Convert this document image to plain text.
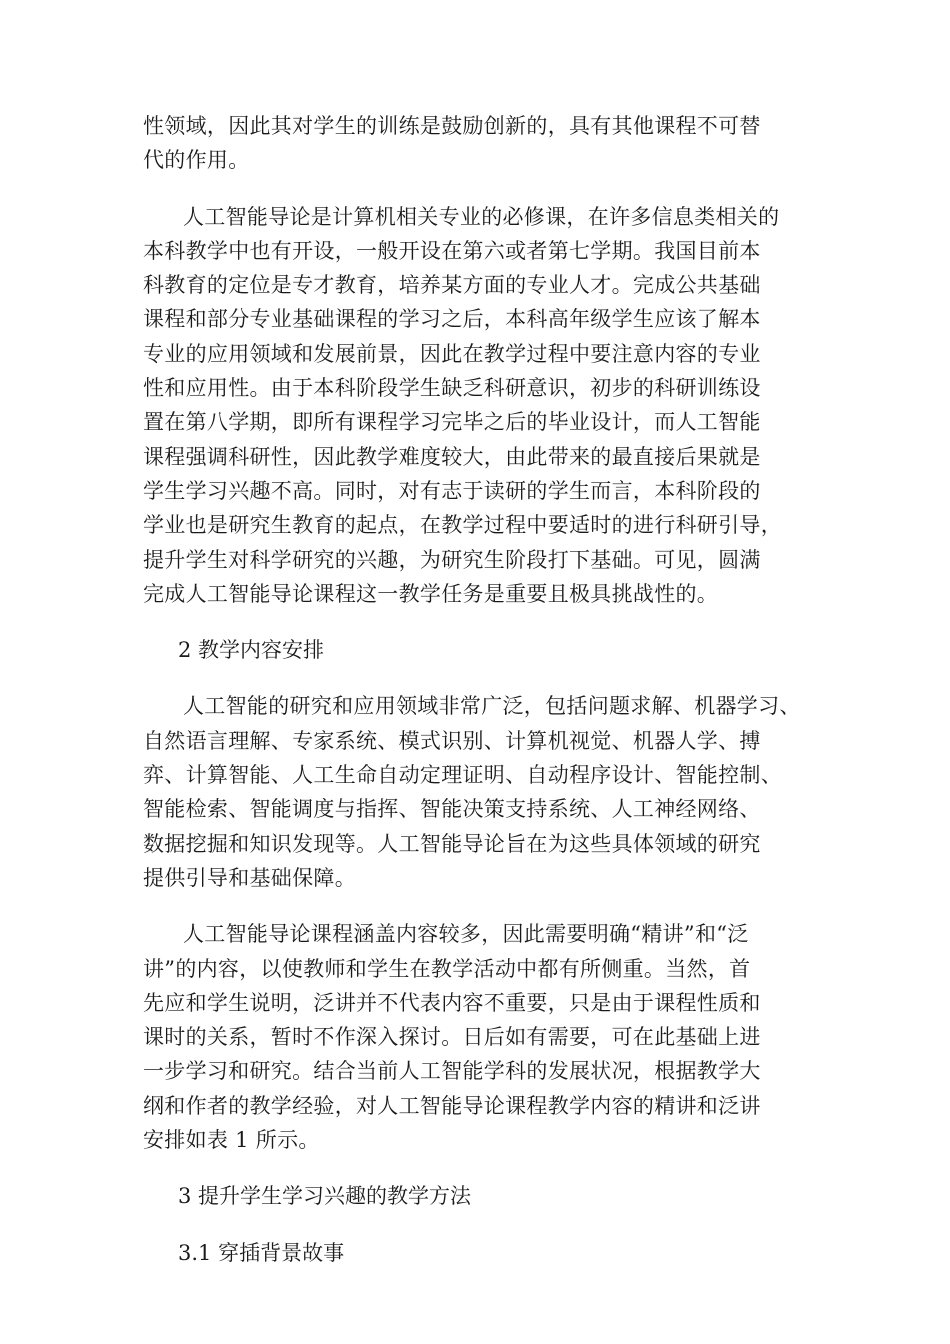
性领域，因此其对学生的训练是鼓励创新的，具有其他课程不可替
代的作用。
人工智能导论是计算机相关专业的必修课，在许多信息类相关的
本科教学中也有开设，一般开设在第六或者第七学期。我国目前本
科教育的定位是专才教育，培养某方面的专业人才。完成公共基础
课程和部分专业基础课程的学习之后，本科高年级学生应该了解本
专业的应用领域和发展前景，因此在教学过程中要注意内容的专业
性和应用性。由于本科阶段学生缺乏科研意识，初步的科研训练设
置在第八学期，即所有课程学习完毕之后的毕业设计，而人工智能
课程强调科研性，因此教学难度较大，由此带来的最直接后果就是
学生学习兴趣不高。同时，对有志于读研的学生而言，本科阶段的
学业也是研究生教育的起点，在教学过程中要适时的进行科研引导，
提升学生对科学研究的兴趣，为研究生阶段打下基础。可见，圆满
完成人工智能导论课程这一教学任务是重要且极具挑战性的。
2 教学内容安排
人工智能的研究和应用领域非常广泛，包括问题求解、机器学习、
自然语言理解、专家系统、模式识别、计算机视觉、机器人学、搏
弈、计算智能、人工生命自动定理证明、自动程序设计、智能控制、
智能检索、智能调度与指挥、智能决策支持系统、人工神经网络、
数据挖掘和知识发现等。人工智能导论旨在为这些具体领域的研究
提供引导和基础保障。
人工智能导论课程涵盖内容较多，因此需要明确“精讲”和“泛
讲”的内容，以使教师和学生在教学活动中都有所侧重。当然，首
先应和学生说明，泛讲并不代表内容不重要，只是由于课程性质和
课时的关系，暂时不作深入探讨。日后如有需要，可在此基础上进
一步学习和研究。结合当前人工智能学科的发展状况，根据教学大
纲和作者的教学经验，对人工智能导论课程教学内容的精讲和泛讲
安排如表 1 所示。
3 提升学生学习兴趣的教学方法
3.1 穿插背景故事
